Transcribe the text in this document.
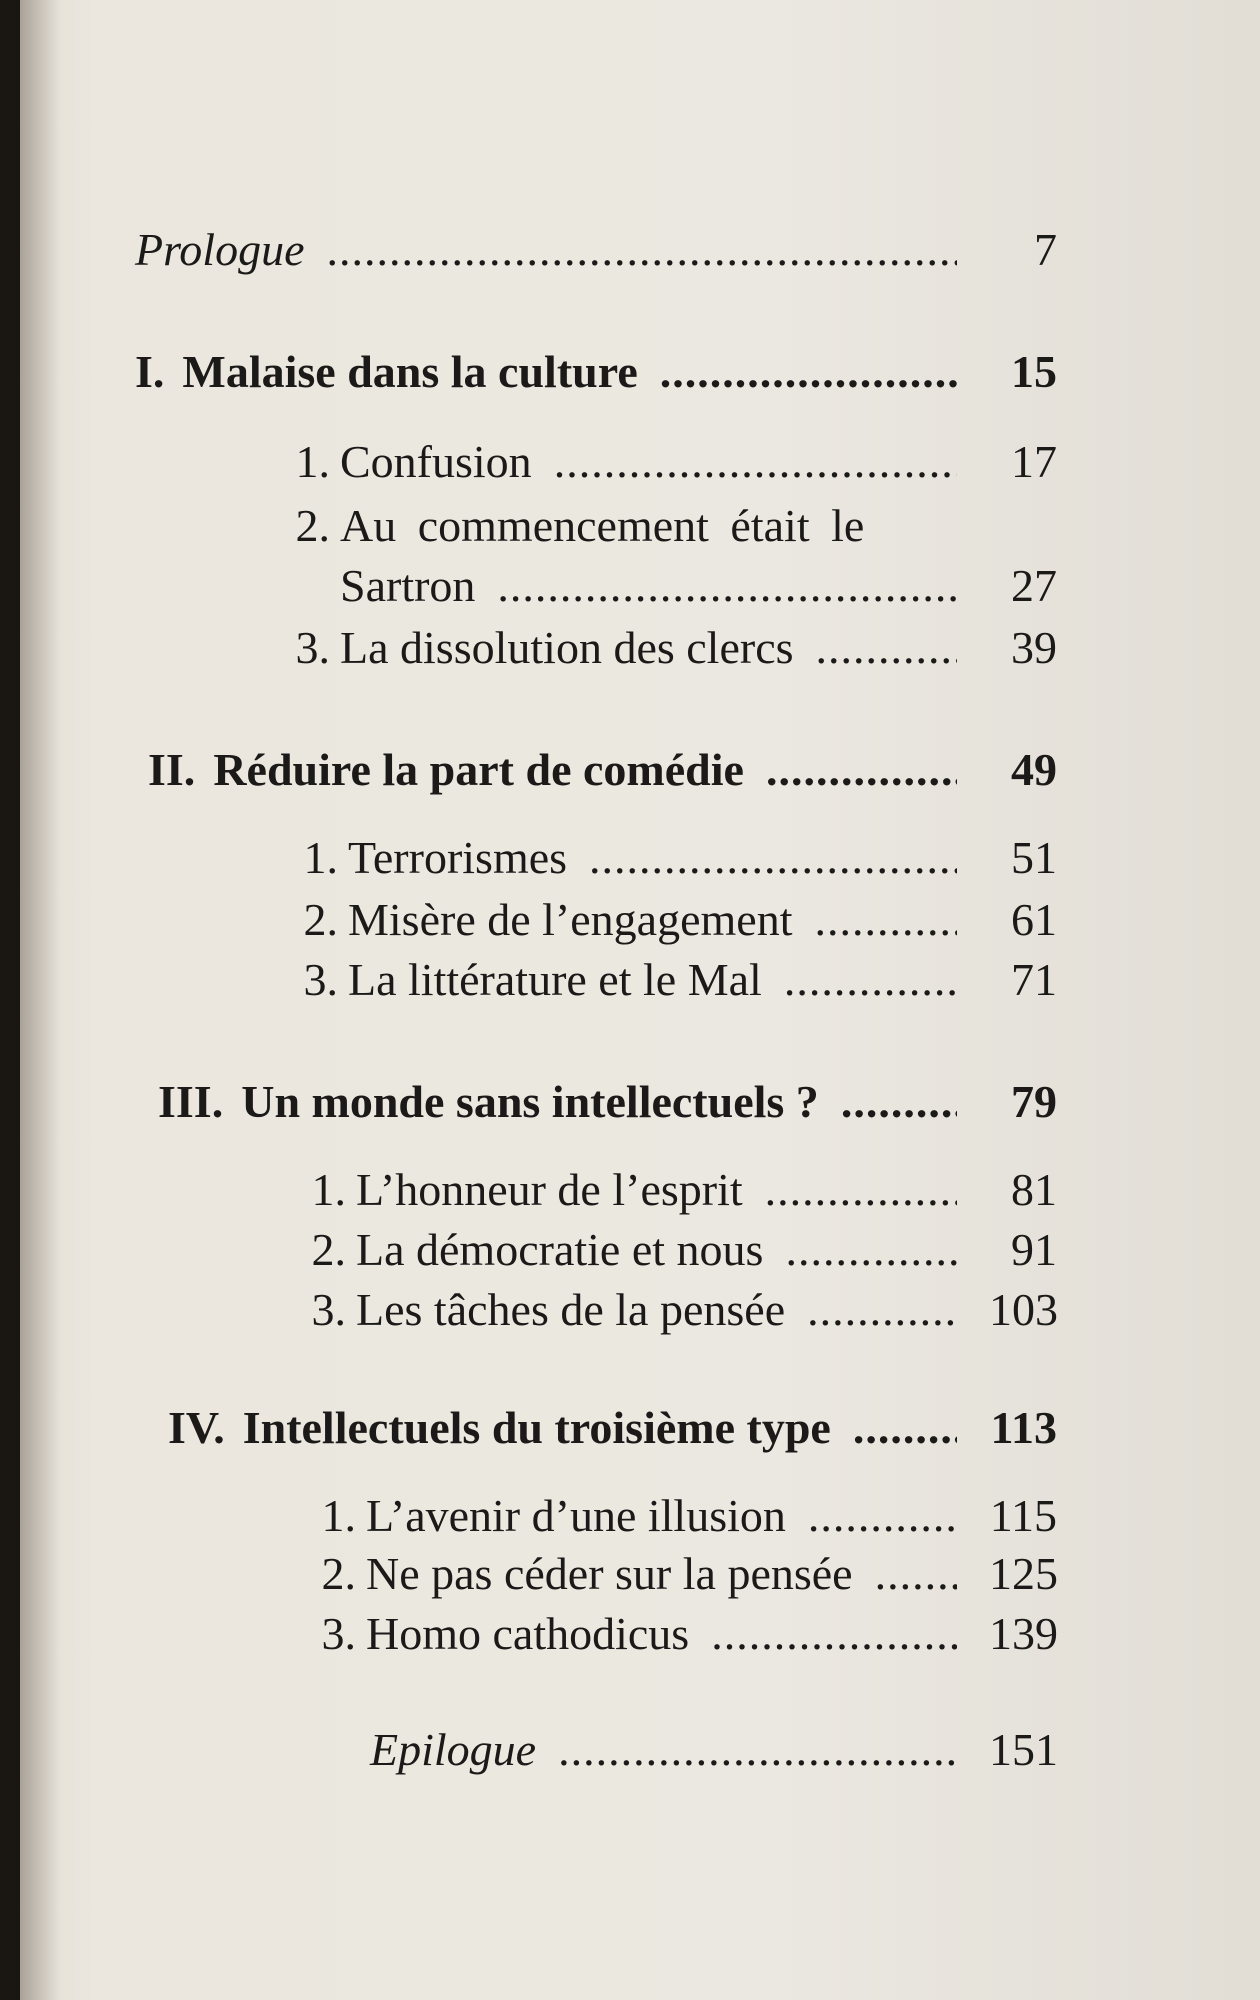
Prologue .....	7
I. Malaise dans la culture .....	15
1. Confusion .....	17
2. Au commencement était le
Sartron .....	27
3. La dissolution des clercs .....	39
II. Réduire la part de comédie .....	49
1. Terrorismes .....	51
2. Misère de l’engagement .....	61
3. La littérature et le Mal .....	71
III. Un monde sans intellectuels ? .....	79
1. L’honneur de l’esprit .....	81
2. La démocratie et nous .....	91
3. Les tâches de la pensée .....	103
IV. Intellectuels du troisième type .....	113
1. L’avenir d’une illusion .....	115
2. Ne pas céder sur la pensée .....	125
3. Homo cathodicus .....	139
Epilogue .....	151
